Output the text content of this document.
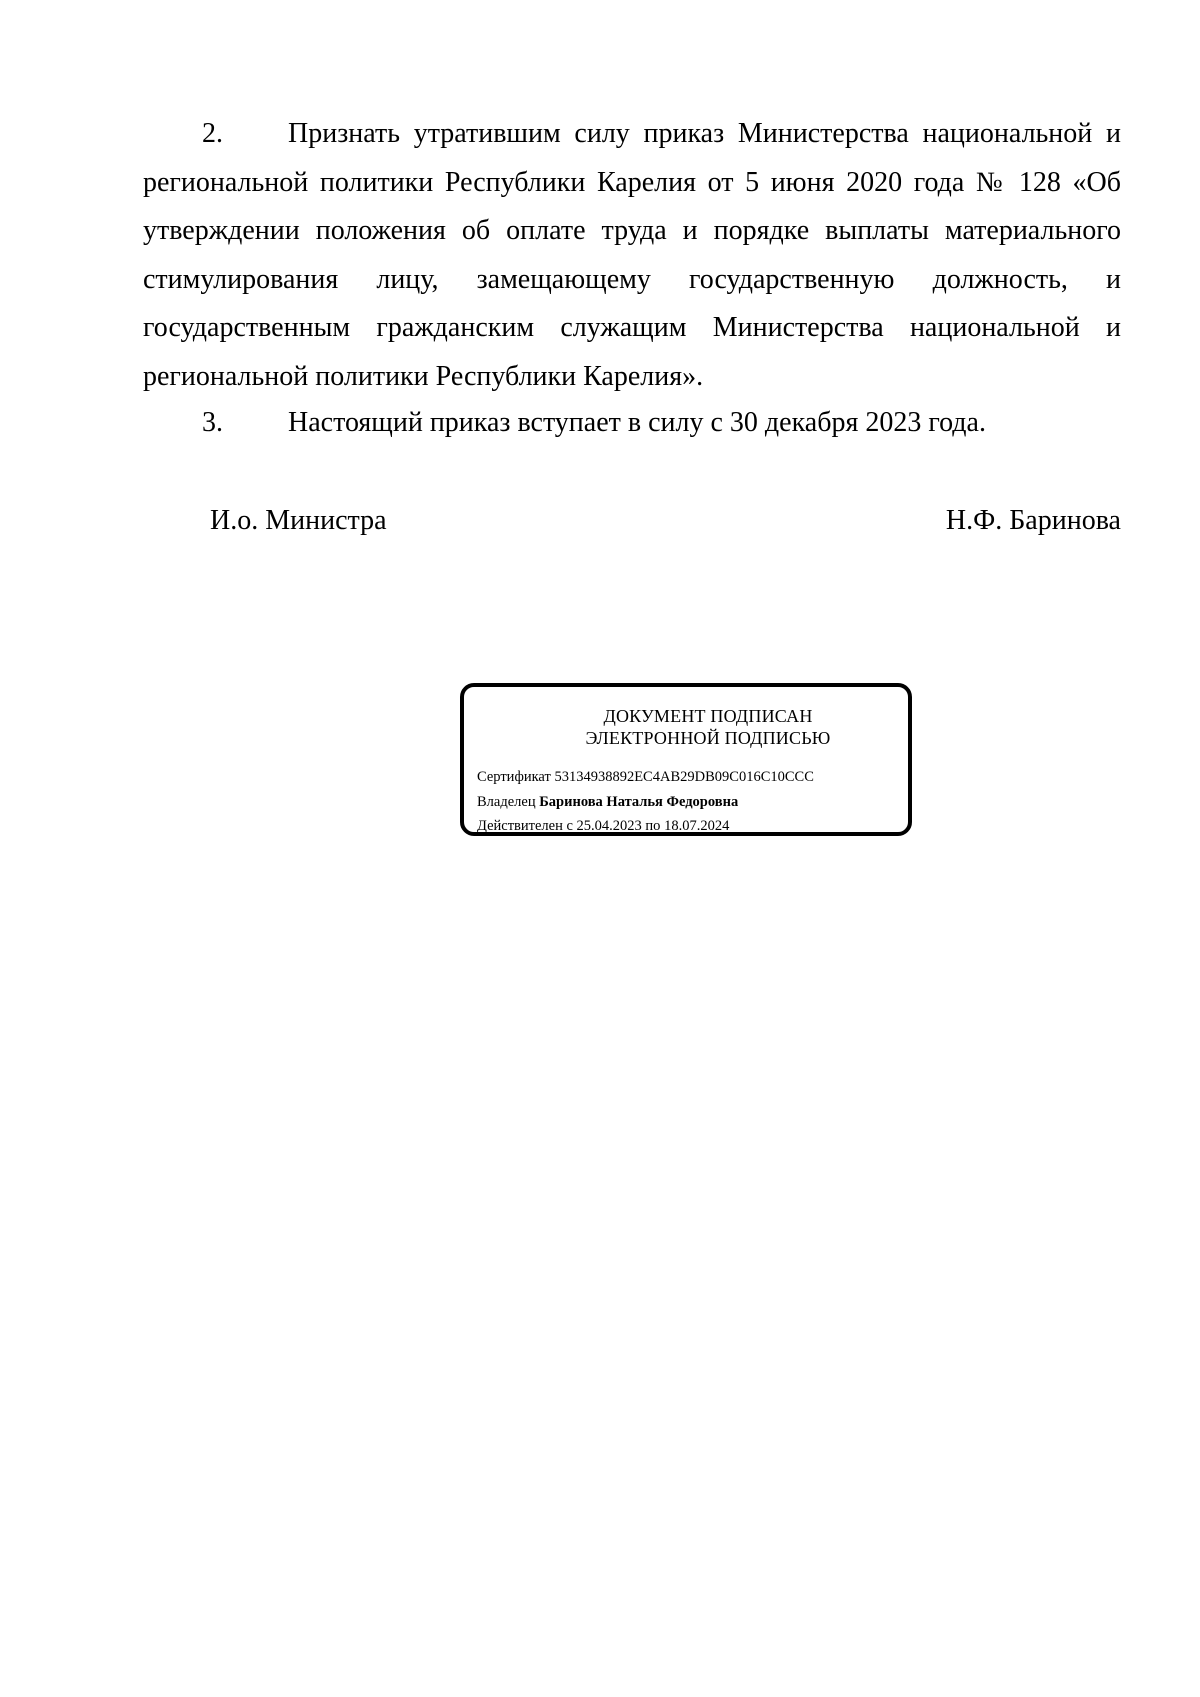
2. Признать утратившим силу приказ Министерства национальной и региональной политики Республики Карелия от 5 июня 2020 года № 128 «Об утверждении положения об оплате труда и порядке выплаты материального стимулирования лицу, замещающему государственную должность, и государственным гражданским служащим Министерства национальной и региональной политики Республики Карелия».
3. Настоящий приказ вступает в силу с 30 декабря 2023 года.
И.о. Министра	Н.Ф. Баринова
ДОКУМЕНТ ПОДПИСАН
ЭЛЕКТРОННОЙ ПОДПИСЬЮ
Сертификат 53134938892EC4AB29DB09C016C10CCC
Владелец Баринова Наталья Федоровна
Действителен с 25.04.2023 по 18.07.2024
